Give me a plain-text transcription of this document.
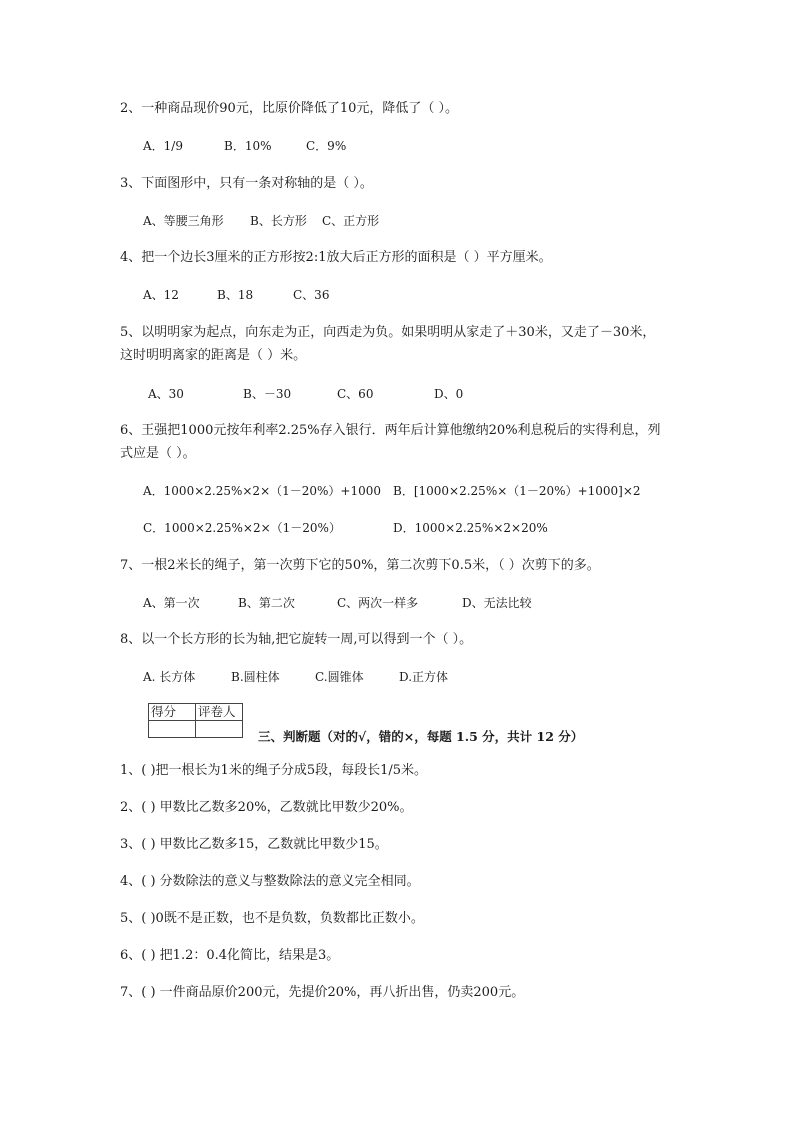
2、一种商品现价90元，比原价降低了10元，降低了（ ）。
A．1/9	B．10%	C．9%
3、下面图形中，只有一条对称轴的是（ ）。
A、等腰三角形 B、长方形 C、正方形
4、把一个边长3厘米的正方形按2:1放大后正方形的面积是（ ）平方厘米。
A、12	B、18	C、36
5、以明明家为起点，向东走为正，向西走为负。如果明明从家走了＋30米，又走了－30米，
这时明明离家的距离是（ ）米。
A、30	B、－30	C、60	D、0
6、王强把1000元按年利率2.25%存入银行．两年后计算他缴纳20%利息税后的实得利息，列
式应是（ ）。
A．1000×2.25%×2×（1－20%）+1000 B．[1000×2.25%×（1－20%）+1000]×2
C．1000×2.25%×2×（1－20%）	D．1000×2.25%×2×20%
7、一根2米长的绳子，第一次剪下它的50%，第二次剪下0.5米，（ ）次剪下的多。
A、第一次	B、第二次	C、两次一样多	D、无法比较
8、以一个长方形的长为轴,把它旋转一周,可以得到一个（ ）。
A. 长方体	B.圆柱体	C.圆锥体	D.正方体
得分	评卷人

三、判断题（对的√，错的×，每题 1.5 分，共计 12 分）
1、( )把一根长为1米的绳子分成5段，每段长1/5米。
2、( ) 甲数比乙数多20%，乙数就比甲数少20%。
3、( ) 甲数比乙数多15，乙数就比甲数少15。
4、( ) 分数除法的意义与整数除法的意义完全相同。
5、( )0既不是正数，也不是负数，负数都比正数小。
6、( ) 把1.2：0.4化简比，结果是3。
7、( ) 一件商品原价200元，先提价20%，再八折出售，仍卖200元。
